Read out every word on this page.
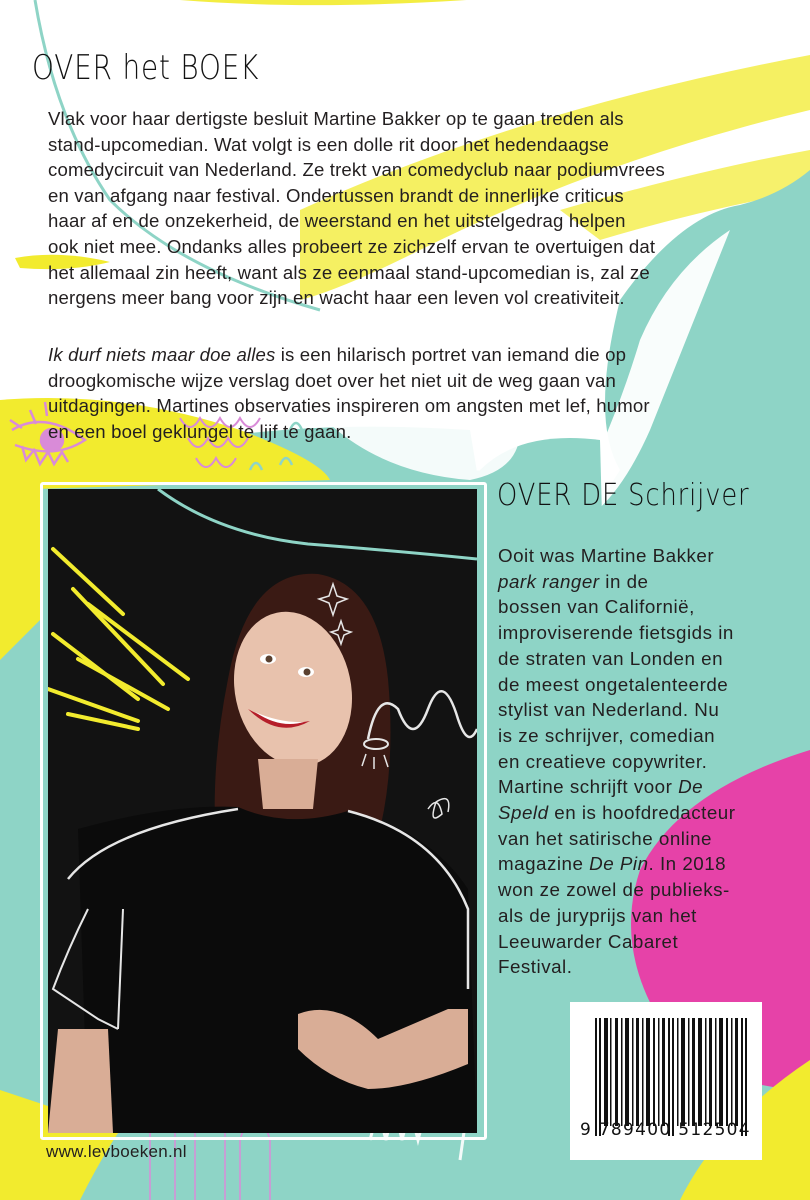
OVER het BOEK
Vlak voor haar dertigste besluit Martine Bakker op te gaan treden als
stand-upcomedian. Wat volgt is een dolle rit door het hedendaagse
comedycircuit van Nederland. Ze trekt van comedyclub naar podiumvrees
en van afgang naar festival. Ondertussen brandt de innerlijke criticus
haar af en de onzekerheid, de weerstand en het uitstelgedrag helpen
ook niet mee. Ondanks alles probeert ze zichzelf ervan te overtuigen dat
het allemaal zin heeft, want als ze eenmaal stand-upcomedian is, zal ze
nergens meer bang voor zijn en wacht haar een leven vol creativiteit.
Ik durf niets maar doe alles is een hilarisch portret van iemand die op
droogkomische wijze verslag doet over het niet uit de weg gaan van
uitdagingen. Martines observaties inspireren om angsten met lef, humor
en een boel geklungel te lijf te gaan.
OVER DE Schrijver
Ooit was Martine Bakker
park ranger in de
bossen van Californië,
improviserende fietsgids in
de straten van Londen en
de meest ongetalenteerde
stylist van Nederland. Nu
is ze schrijver, comedian
en creatieve copywriter.
Martine schrijft voor De
Speld en is hoofdredacteur
van het satirische online
magazine De Pin. In 2018
won ze zowel de publieks-
als de juryprijs van het
Leeuwarder Cabaret
Festival.
9 789400 512504
www.levboeken.nl
